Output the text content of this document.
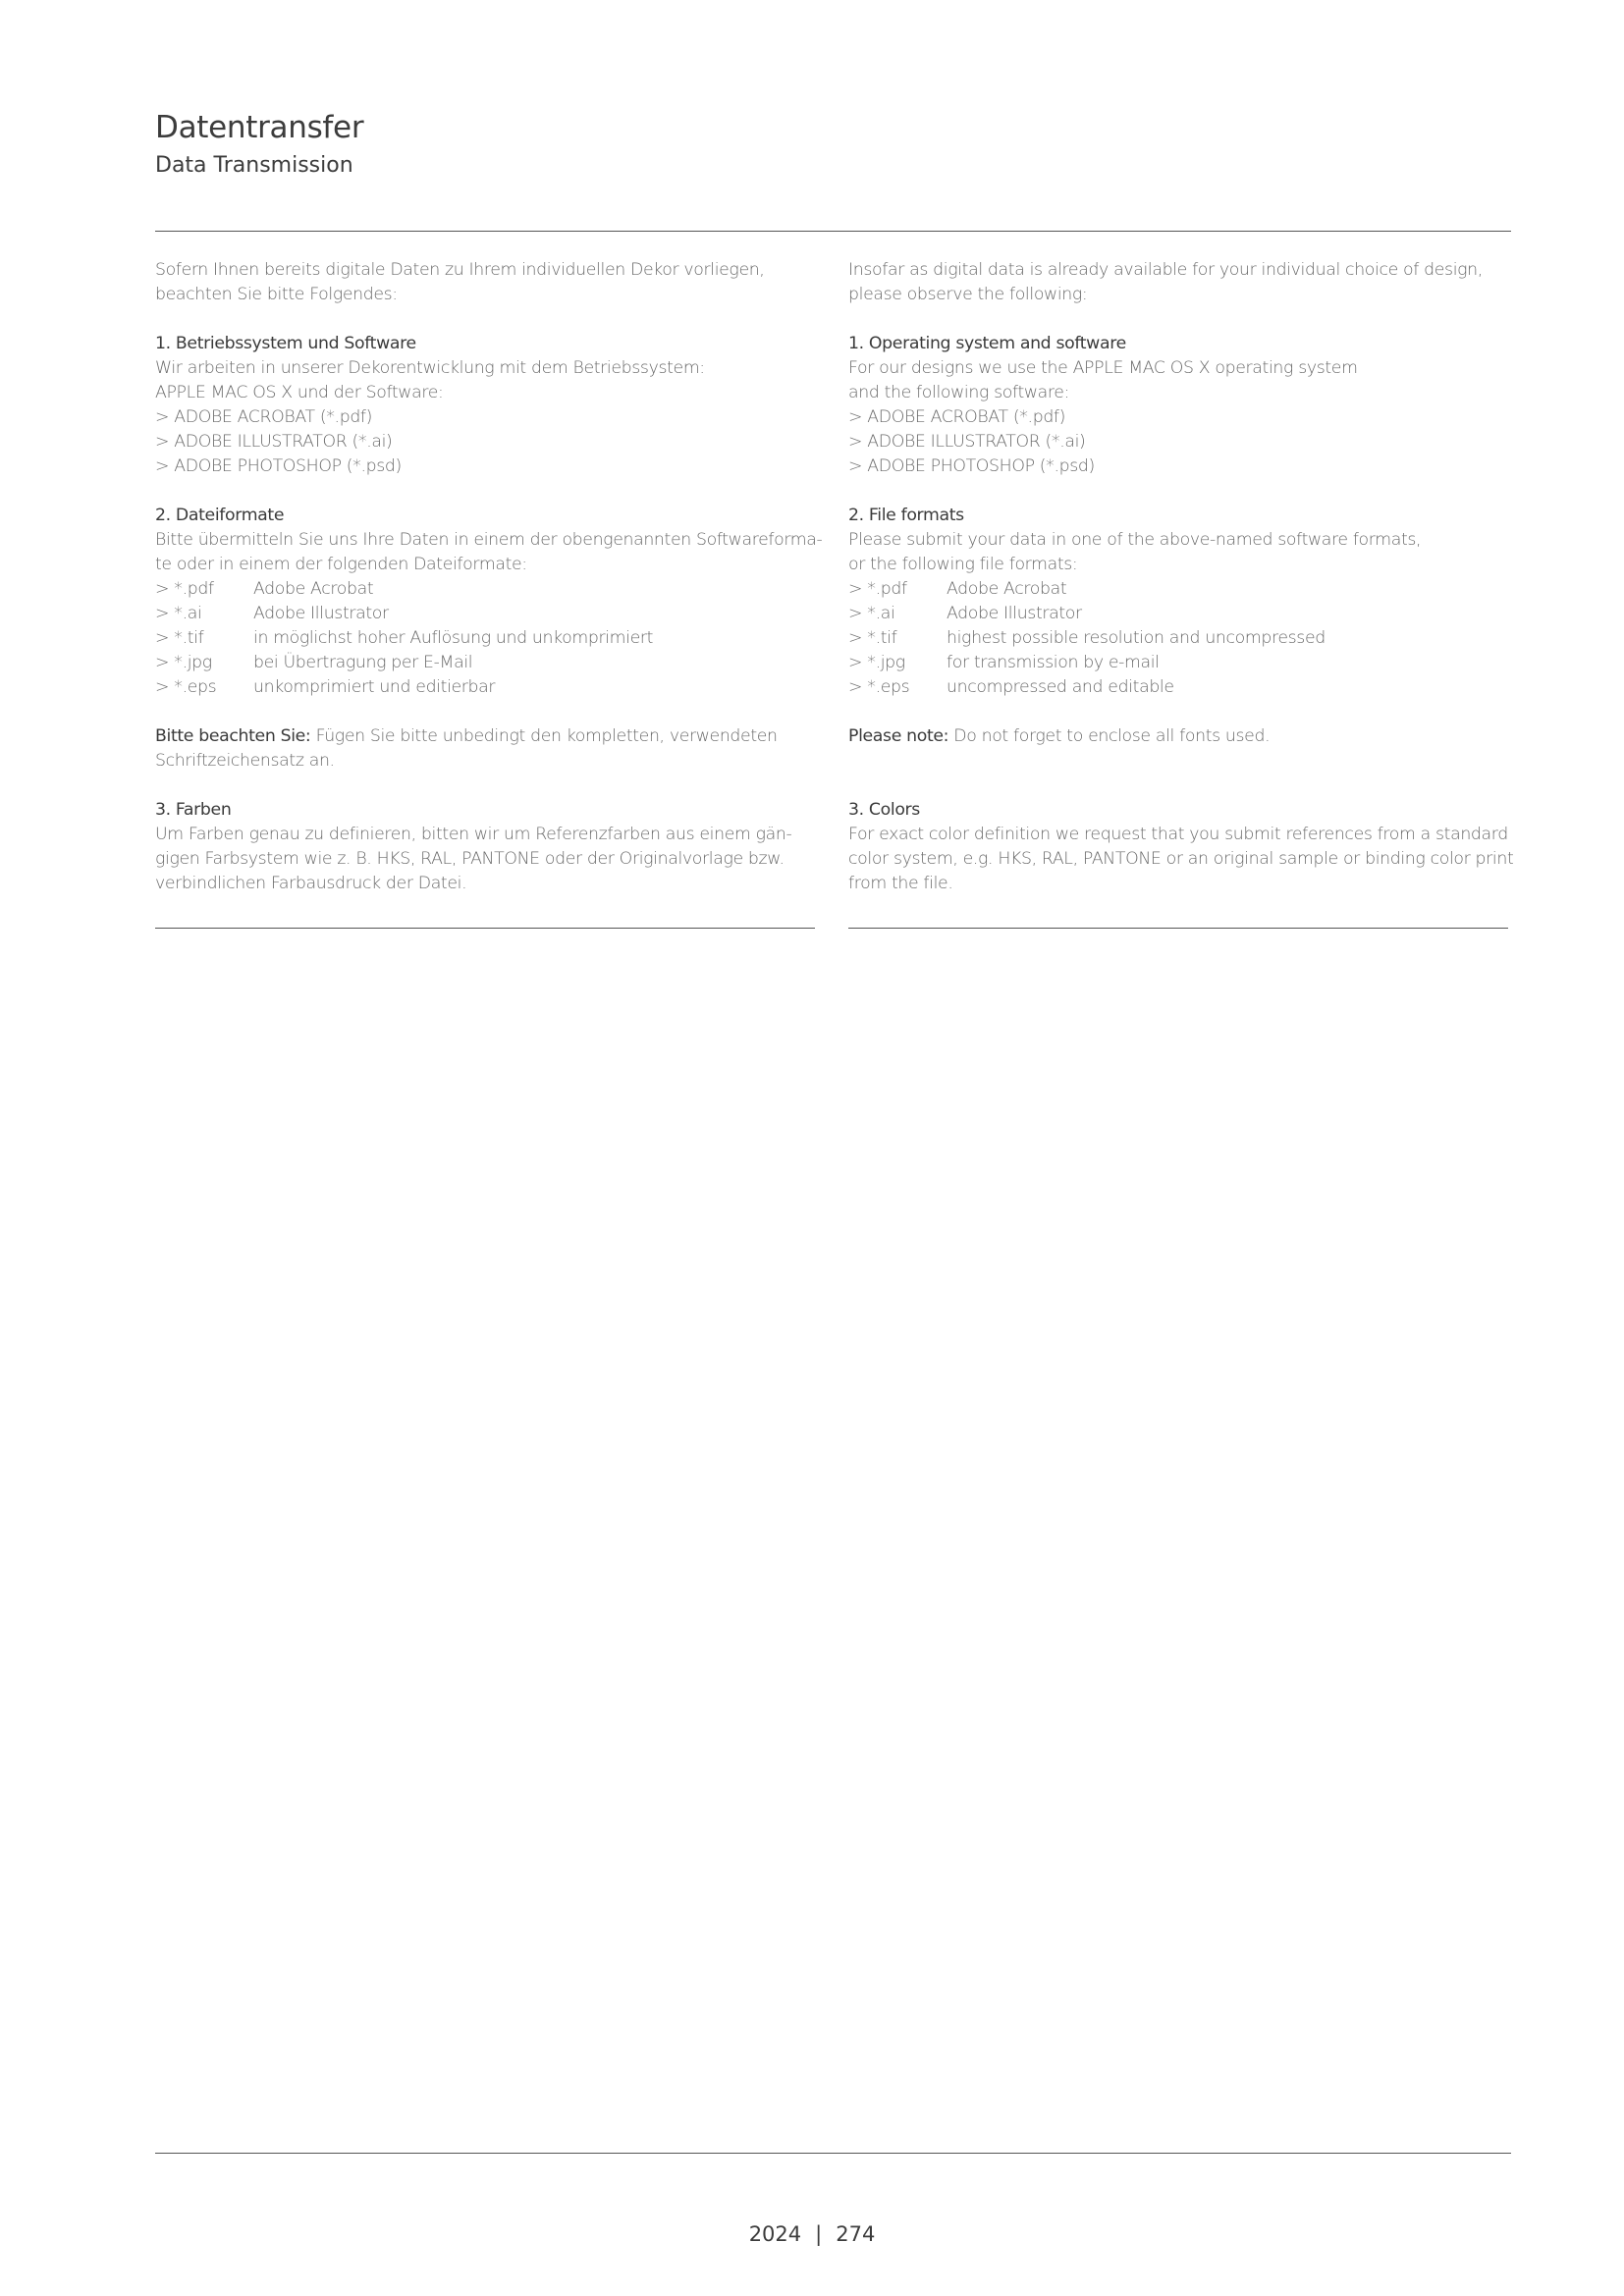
Datentransfer
Data Transmission
Sofern Ihnen bereits digitale Daten zu Ihrem individuellen Dekor vorliegen,
beachten Sie bitte Folgendes:
1. Betriebssystem und Software
Wir arbeiten in unserer Dekorentwicklung mit dem Betriebssystem:
APPLE MAC OS X und der Software:
> ADOBE ACROBAT (*.pdf)
> ADOBE ILLUSTRATOR (*.ai)
> ADOBE PHOTOSHOP (*.psd)
2. Dateiformate
Bitte übermitteln Sie uns Ihre Daten in einem der obengenannten Softwareforma-
te oder in einem der folgenden Dateiformate:
> *.pdf Adobe Acrobat
> *.ai	Adobe Illustrator
> *.tif	in möglichst hoher Auflösung und unkomprimiert
> *.jpg bei Übertragung per E-Mail
> *.eps unkomprimiert und editierbar
Bitte beachten Sie: Fügen Sie bitte unbedingt den kompletten, verwendeten
Schriftzeichensatz an.
3. Farben
Um Farben genau zu definieren, bitten wir um Referenzfarben aus einem gän-
gigen Farbsystem wie z. B. HKS, RAL, PANTONE oder der Originalvorlage bzw.
verbindlichen Farbausdruck der Datei.
Insofar as digital data is already available for your individual choice of design,
please observe the following:
1. Operating system and software
For our designs we use the APPLE MAC OS X operating system
and the following software:
> ADOBE ACROBAT (*.pdf)
> ADOBE ILLUSTRATOR (*.ai)
> ADOBE PHOTOSHOP (*.psd)
2. File formats
Please submit your data in one of the above-named software formats,
or the following file formats:
> *.pdf Adobe Acrobat
> *.ai	Adobe Illustrator
> *.tif	highest possible resolution and uncompressed
> *.jpg for transmission by e-mail
> *.eps uncompressed and editable
Please note: Do not forget to enclose all fonts used.

3. Colors
For exact color definition we request that you submit references from a standard
color system, e.g. HKS, RAL, PANTONE or an original sample or binding color print
from the file.
2024 | 274
